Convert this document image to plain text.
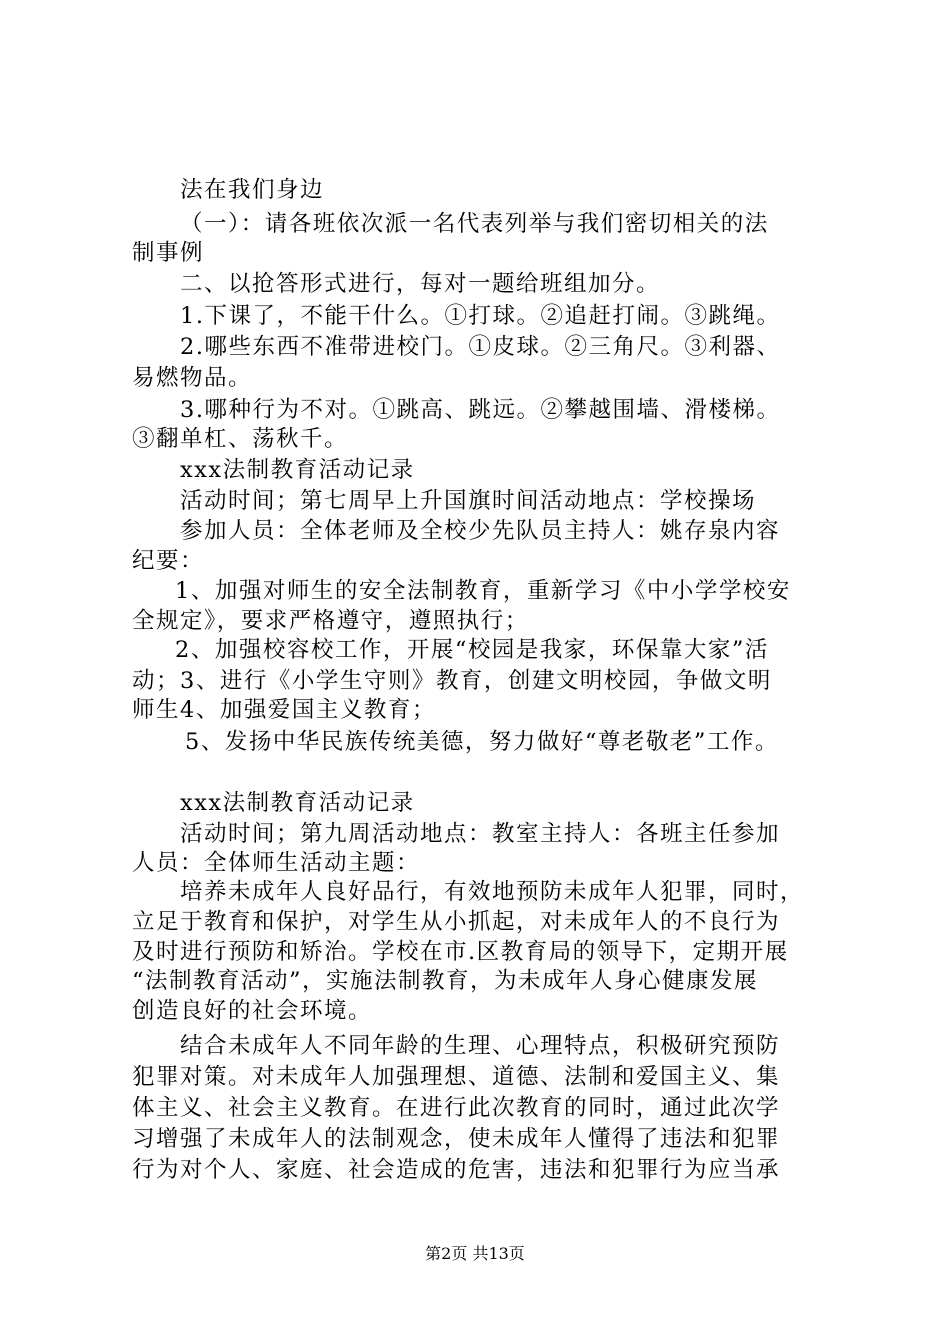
法在我们身边
（一）：请各班依次派一名代表列举与我们密切相关的法
制事例
二、以抢答形式进行，每对一题给班组加分。
1.下课了，不能干什么。①打球。②追赶打闹。③跳绳。
2.哪些东西不准带进校门。①皮球。②三角尺。③利器、
易燃物品。
3.哪种行为不对。①跳高、跳远。②攀越围墙、滑楼梯。
③翻单杠、荡秋千。
xxx法制教育活动记录
活动时间；第七周早上升国旗时间活动地点：学校操场
参加人员：全体老师及全校少先队员主持人：姚存泉内容
纪要：
1、加强对师生的安全法制教育，重新学习《中小学学校安
全规定》，要求严格遵守，遵照执行；
2、加强校容校工作，开展“校园是我家，环保靠大家”活
动；3、进行《小学生守则》教育，创建文明校园，争做文明
师生4、加强爱国主义教育；
5、发扬中华民族传统美德，努力做好“尊老敬老”工作。
xxx法制教育活动记录
活动时间；第九周活动地点：教室主持人：各班主任参加
人员：全体师生活动主题：
培养未成年人良好品行，有效地预防未成年人犯罪，同时，
立足于教育和保护，对学生从小抓起，对未成年人的不良行为
及时进行预防和矫治。学校在市.区教育局的领导下，定期开展
“法制教育活动”，实施法制教育，为未成年人身心健康发展
创造良好的社会环境。
结合未成年人不同年龄的生理、心理特点，积极研究预防
犯罪对策。对未成年人加强理想、道德、法制和爱国主义、集
体主义、社会主义教育。在进行此次教育的同时，通过此次学
习增强了未成年人的法制观念，使未成年人懂得了违法和犯罪
行为对个人、家庭、社会造成的危害，违法和犯罪行为应当承
第2页 共13页
